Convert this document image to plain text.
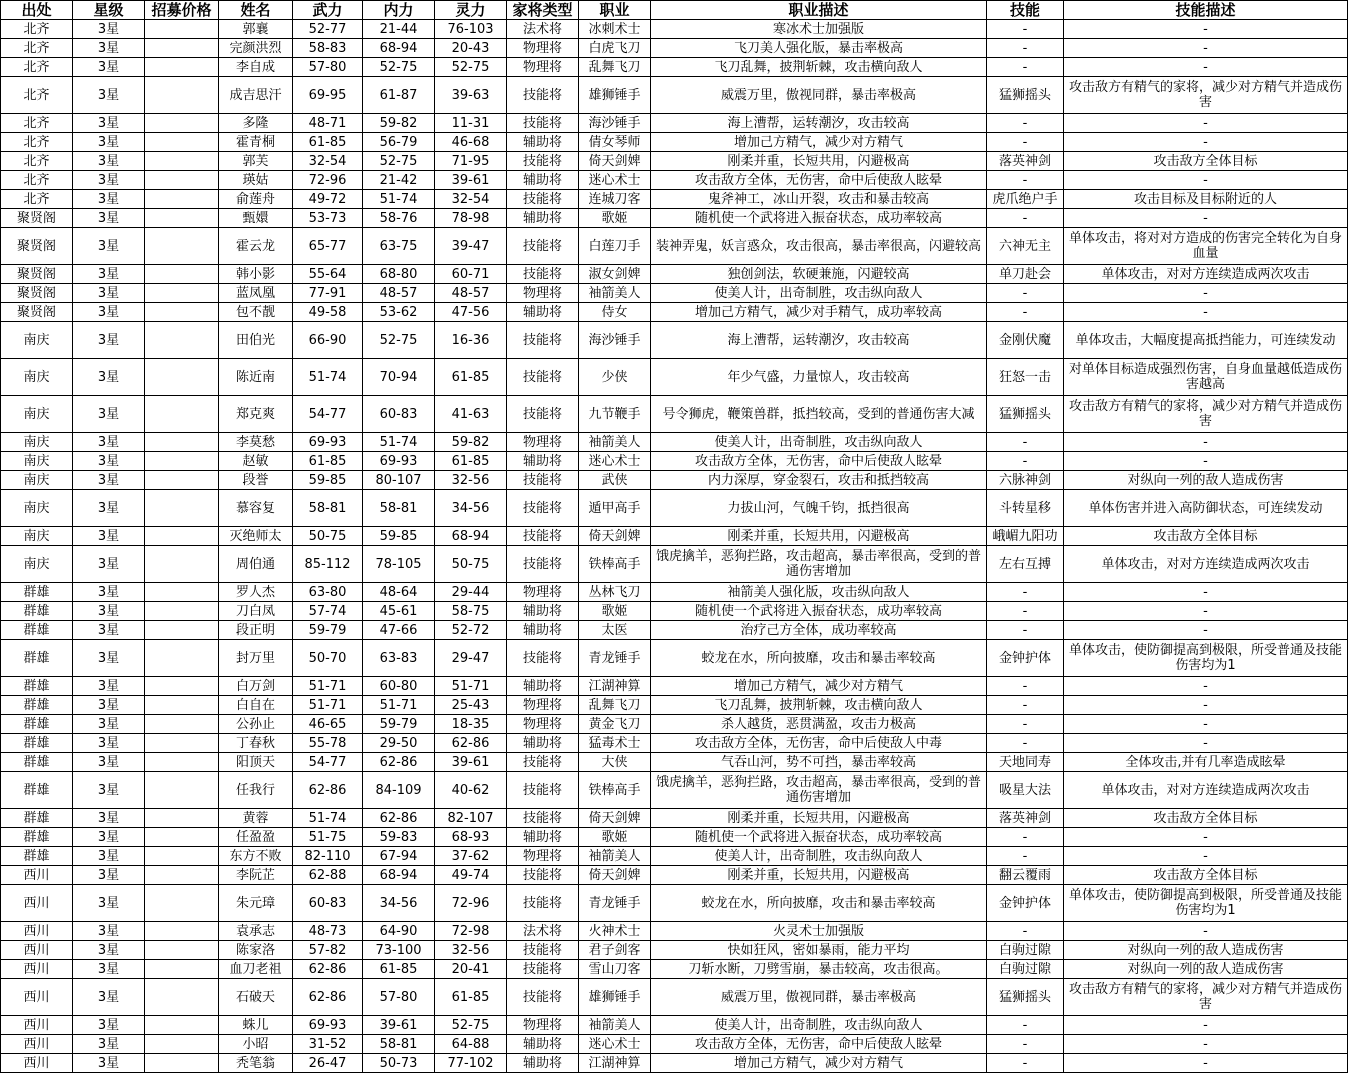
出处	星级	招募价格	姓名	武力	内力	灵力	家将类型	职业	职业描述	技能	技能描述
北齐	3星		郭襄	52-77	21-44	76-103	法术将	冰刺术士	寒冰术士加强版	-	-
北齐	3星		完颜洪烈	58-83	68-94	20-43	物理将	白虎飞刀	飞刀美人强化版，暴击率极高	-	-
北齐	3星		李自成	57-80	52-75	52-75	物理将	乱舞飞刀	飞刀乱舞，披荆斩棘，攻击横向敌人	-	-
北齐	3星		成吉思汗	69-95	61-87	39-63	技能将	雄狮锤手	威震万里，傲视同群，暴击率极高	猛狮摇头	攻击敌方有精气的家将，减少对方精气并造成伤害
北齐	3星		多隆	48-71	59-82	11-31	技能将	海沙锤手	海上漕帮，运转潮汐，攻击较高	-	-
北齐	3星		霍青桐	61-85	56-79	46-68	辅助将	倩女琴师	增加己方精气，减少对方精气	-	-
北齐	3星		郭芙	32-54	52-75	71-95	技能将	倚天剑婢	刚柔并重，长短共用，闪避极高	落英神剑	攻击敌方全体目标
北齐	3星		瑛姑	72-96	21-42	39-61	辅助将	迷心术士	攻击敌方全体，无伤害，命中后使敌人眩晕	-	-
北齐	3星		俞莲舟	49-72	51-74	32-54	技能将	连城刀客	鬼斧神工，冰山开裂，攻击和暴击较高	虎爪绝户手	攻击目标及目标附近的人
聚贤阁	3星		甄嬛	53-73	58-76	78-98	辅助将	歌姬	随机使一个武将进入振奋状态，成功率较高	-	-
聚贤阁	3星		霍云龙	65-77	63-75	39-47	技能将	白莲刀手	装神弄鬼，妖言惑众，攻击很高，暴击率很高，闪避较高	六神无主	单体攻击，将对对方造成的伤害完全转化为自身血量
聚贤阁	3星		韩小影	55-64	68-80	60-71	技能将	淑女剑婢	独创剑法，软硬兼施，闪避较高	单刀赴会	单体攻击，对对方连续造成两次攻击
聚贤阁	3星		蓝凤凰	77-91	48-57	48-57	物理将	袖箭美人	使美人计，出奇制胜，攻击纵向敌人	-	-
聚贤阁	3星		包不靓	49-58	53-62	47-56	辅助将	侍女	增加己方精气，减少对手精气，成功率较高	-	-
南庆	3星		田伯光	66-90	52-75	16-36	技能将	海沙锤手	海上漕帮，运转潮汐，攻击较高	金刚伏魔	单体攻击，大幅度提高抵挡能力，可连续发动
南庆	3星		陈近南	51-74	70-94	61-85	技能将	少侠	年少气盛，力量惊人，攻击较高	狂怒一击	对单体目标造成强烈伤害，自身血量越低造成伤害越高
南庆	3星		郑克爽	54-77	60-83	41-63	技能将	九节鞭手	号令狮虎，鞭策兽群，抵挡较高，受到的普通伤害大减	猛狮摇头	攻击敌方有精气的家将，减少对方精气并造成伤害
南庆	3星		李莫愁	69-93	51-74	59-82	物理将	袖箭美人	使美人计，出奇制胜，攻击纵向敌人	-	-
南庆	3星		赵敏	61-85	69-93	61-85	辅助将	迷心术士	攻击敌方全体，无伤害，命中后使敌人眩晕	-	-
南庆	3星		段誉	59-85	80-107	32-56	技能将	武侠	内力深厚，穿金裂石，攻击和抵挡较高	六脉神剑	对纵向一列的敌人造成伤害
南庆	3星		慕容复	58-81	58-81	34-56	技能将	遁甲高手	力拔山河，气魄千钧，抵挡很高	斗转星移	单体伤害并进入高防御状态，可连续发动
南庆	3星		灭绝师太	50-75	59-85	68-94	技能将	倚天剑婢	刚柔并重，长短共用，闪避极高	峨嵋九阳功	攻击敌方全体目标
南庆	3星		周伯通	85-112	78-105	50-75	技能将	铁棒高手	饿虎擒羊，恶狗拦路，攻击超高，暴击率很高，受到的普通伤害增加	左右互搏	单体攻击，对对方连续造成两次攻击
群雄	3星		罗人杰	63-80	48-64	29-44	物理将	丛林飞刀	袖箭美人强化版，攻击纵向敌人	-	-
群雄	3星		刀白凤	57-74	45-61	58-75	辅助将	歌姬	随机使一个武将进入振奋状态，成功率较高	-	-
群雄	3星		段正明	59-79	47-66	52-72	辅助将	太医	治疗己方全体，成功率较高	-	-
群雄	3星		封万里	50-70	63-83	29-47	技能将	青龙锤手	蛟龙在水，所向披靡，攻击和暴击率较高	金钟护体	单体攻击，使防御提高到极限，所受普通及技能伤害均为1
群雄	3星		白万剑	51-71	60-80	51-71	辅助将	江湖神算	增加己方精气，减少对方精气	-	-
群雄	3星		白自在	51-71	51-71	25-43	物理将	乱舞飞刀	飞刀乱舞，披荆斩棘，攻击横向敌人	-	-
群雄	3星		公孙止	46-65	59-79	18-35	物理将	黄金飞刀	杀人越货，恶贯满盈，攻击力极高	-	-
群雄	3星		丁春秋	55-78	29-50	62-86	辅助将	猛毒术士	攻击敌方全体，无伤害，命中后使敌人中毒	-	-
群雄	3星		阳顶天	54-77	62-86	39-61	技能将	大侠	气吞山河，势不可挡，暴击率较高	天地同寿	全体攻击,并有几率造成眩晕
群雄	3星		任我行	62-86	84-109	40-62	技能将	铁棒高手	饿虎擒羊，恶狗拦路，攻击超高，暴击率很高，受到的普通伤害增加	吸星大法	单体攻击，对对方连续造成两次攻击
群雄	3星		黄蓉	51-74	62-86	82-107	技能将	倚天剑婢	刚柔并重，长短共用，闪避极高	落英神剑	攻击敌方全体目标
群雄	3星		任盈盈	51-75	59-83	68-93	辅助将	歌姬	随机使一个武将进入振奋状态，成功率较高	-	-
群雄	3星		东方不败	82-110	67-94	37-62	物理将	袖箭美人	使美人计，出奇制胜，攻击纵向敌人	-	-
西川	3星		李阮芷	62-88	68-94	49-74	技能将	倚天剑婢	刚柔并重，长短共用，闪避极高	翻云覆雨	攻击敌方全体目标
西川	3星		朱元璋	60-83	34-56	72-96	技能将	青龙锤手	蛟龙在水，所向披靡，攻击和暴击率较高	金钟护体	单体攻击，使防御提高到极限，所受普通及技能伤害均为1
西川	3星		袁承志	48-73	64-90	72-98	法术将	火神术士	火灵术士加强版	-	-
西川	3星		陈家洛	57-82	73-100	32-56	技能将	君子剑客	快如狂风，密如暴雨，能力平均	白驹过隙	对纵向一列的敌人造成伤害
西川	3星		血刀老祖	62-86	61-85	20-41	技能将	雪山刀客	刀斩水断，刀劈雪崩，暴击较高，攻击很高。	白驹过隙	对纵向一列的敌人造成伤害
西川	3星		石破天	62-86	57-80	61-85	技能将	雄狮锤手	威震万里，傲视同群，暴击率极高	猛狮摇头	攻击敌方有精气的家将，减少对方精气并造成伤害
西川	3星		蛛儿	69-93	39-61	52-75	物理将	袖箭美人	使美人计，出奇制胜，攻击纵向敌人	-	-
西川	3星		小昭	31-52	58-81	64-88	辅助将	迷心术士	攻击敌方全体，无伤害，命中后使敌人眩晕	-	-
西川	3星		秃笔翁	26-47	50-73	77-102	辅助将	江湖神算	增加己方精气，减少对方精气	-	-
